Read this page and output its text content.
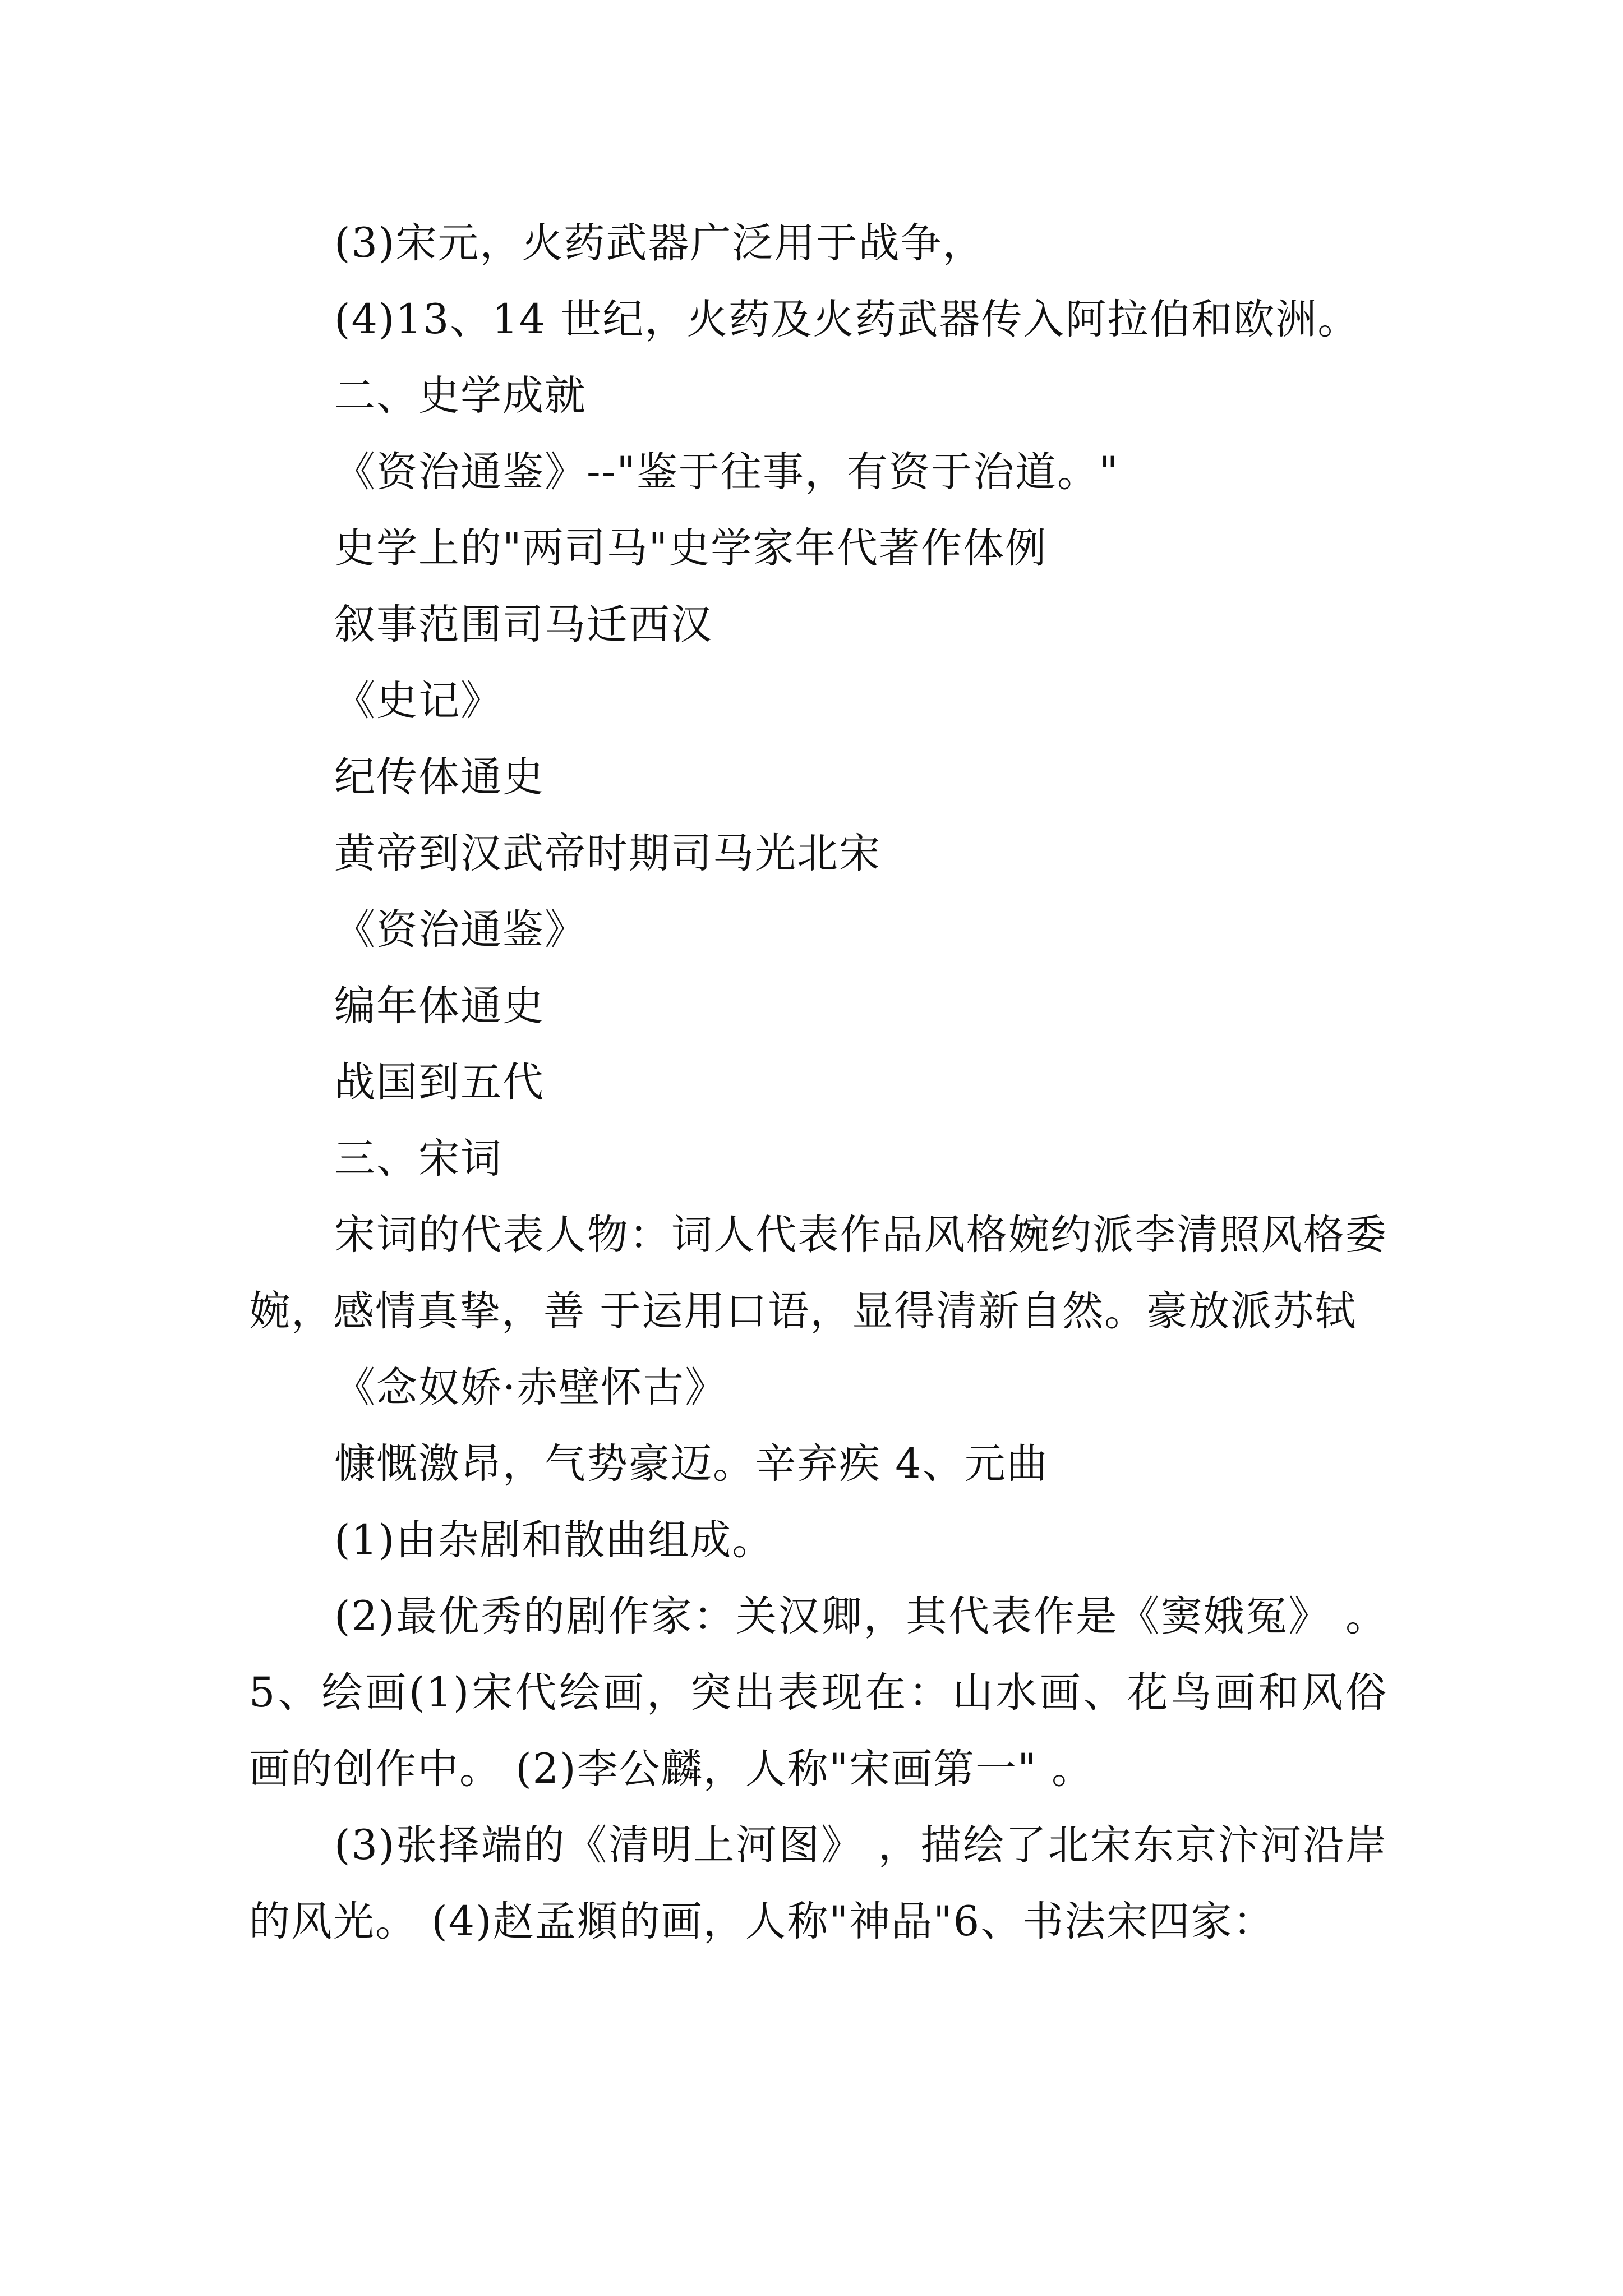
(3)宋元，火药武器广泛用于战争，
(4)13、14 世纪，火药及火药武器传入阿拉伯和欧洲。
二、史学成就
《资治通鉴》--"鉴于往事，有资于治道。"
史学上的"两司马"史学家年代著作体例
叙事范围司马迁西汉
《史记》
纪传体通史
黄帝到汉武帝时期司马光北宋
《资治通鉴》
编年体通史
战国到五代
三、宋词
宋词的代表人物：词人代表作品风格婉约派李清照风格委婉，感情真挚，善 于运用口语，显得清新自然。豪放派苏轼
《念奴娇·赤壁怀古》
慷慨激昂，气势豪迈。辛弃疾 4、元曲
(1)由杂剧和散曲组成。
(2)最优秀的剧作家：关汉卿，其代表作是《窦娥冤》 。5、绘画(1)宋代绘画，突出表现在：山水画、花鸟画和风俗画的创作中。 (2)李公麟，人称"宋画第一" 。
(3)张择端的《清明上河图》 ，描绘了北宋东京汴河沿岸的风光。 (4)赵孟頫的画，人称"神品"6、书法宋四家：
